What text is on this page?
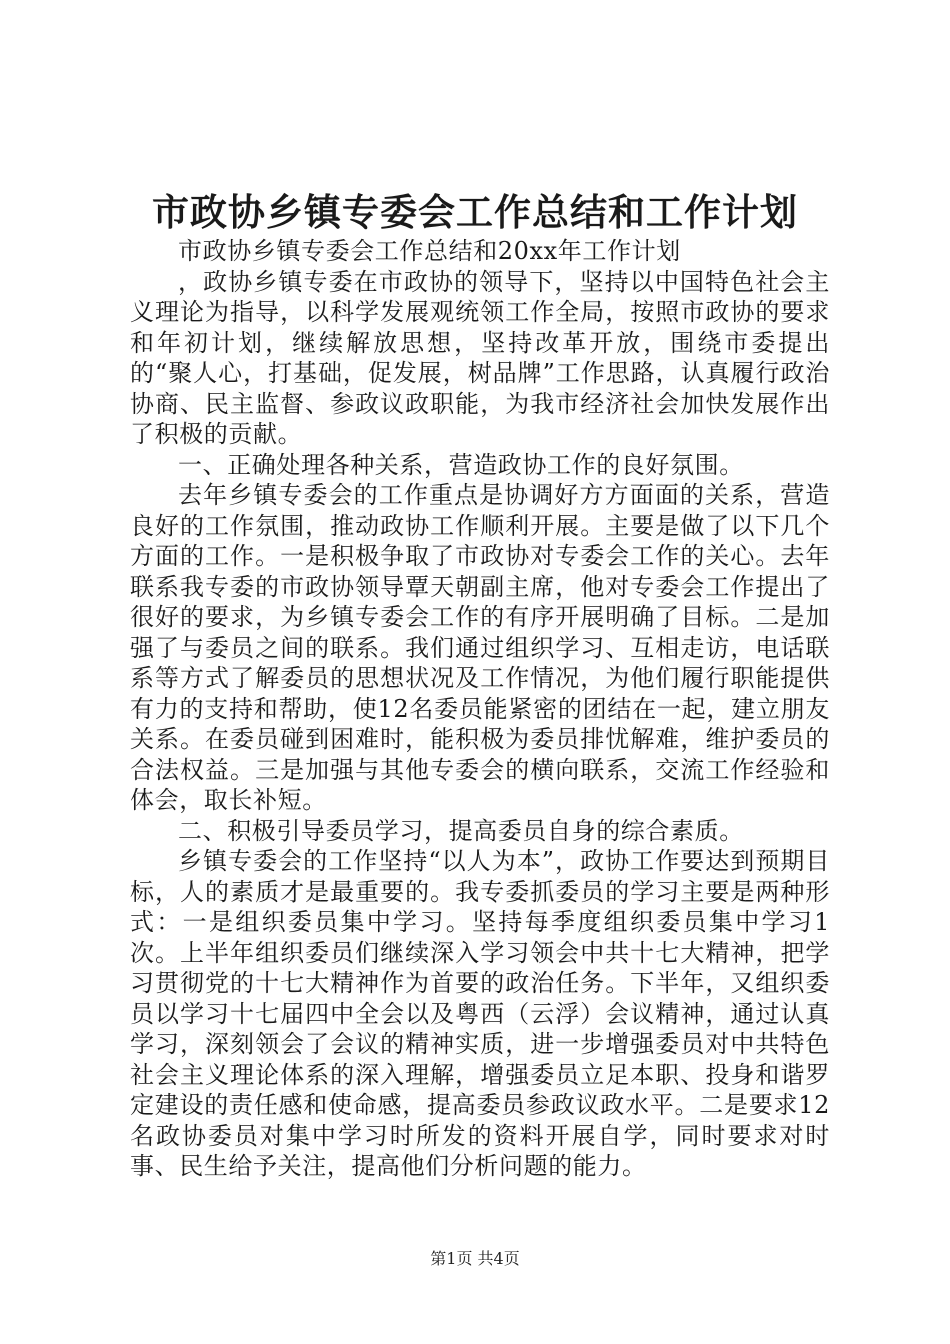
市政协乡镇专委会工作总结和工作计划

市政协乡镇专委会工作总结和20xx年工作计划

，政协乡镇专委在市政协的领导下，坚持以中国特色社会主义理论为指导，以科学发展观统领工作全局，按照市政协的要求和年初计划，继续解放思想，坚持改革开放，围绕市委提出的“聚人心，打基础，促发展，树品牌”工作思路，认真履行政治协商、民主监督、参政议政职能，为我市经济社会加快发展作出了积极的贡献。

一、正确处理各种关系，营造政协工作的良好氛围。

去年乡镇专委会的工作重点是协调好方方面面的关系，营造良好的工作氛围，推动政协工作顺利开展。主要是做了以下几个方面的工作。一是积极争取了市政协对专委会工作的关心。去年联系我专委的市政协领导覃天朝副主席，他对专委会工作提出了很好的要求，为乡镇专委会工作的有序开展明确了目标。二是加强了与委员之间的联系。我们通过组织学习、互相走访，电话联系等方式了解委员的思想状况及工作情况，为他们履行职能提供有力的支持和帮助，使12名委员能紧密的团结在一起，建立朋友关系。在委员碰到困难时，能积极为委员排忧解难，维护委员的合法权益。三是加强与其他专委会的横向联系，交流工作经验和体会，取长补短。

二、积极引导委员学习，提高委员自身的综合素质。

乡镇专委会的工作坚持“以人为本”，政协工作要达到预期目标，人的素质才是最重要的。我专委抓委员的学习主要是两种形式：一是组织委员集中学习。坚持每季度组织委员集中学习1次。上半年组织委员们继续深入学习领会中共十七大精神，把学习贯彻党的十七大精神作为首要的政治任务。下半年，又组织委员以学习十七届四中全会以及粤西（云浮）会议精神，通过认真学习，深刻领会了会议的精神实质，进一步增强委员对中共特色社会主义理论体系的深入理解，增强委员立足本职、投身和谐罗定建设的责任感和使命感，提高委员参政议政水平。二是要求12名政协委员对集中学习时所发的资料开展自学，同时要求对时事、民生给予关注，提高他们分析问题的能力。

第1页 共4页
